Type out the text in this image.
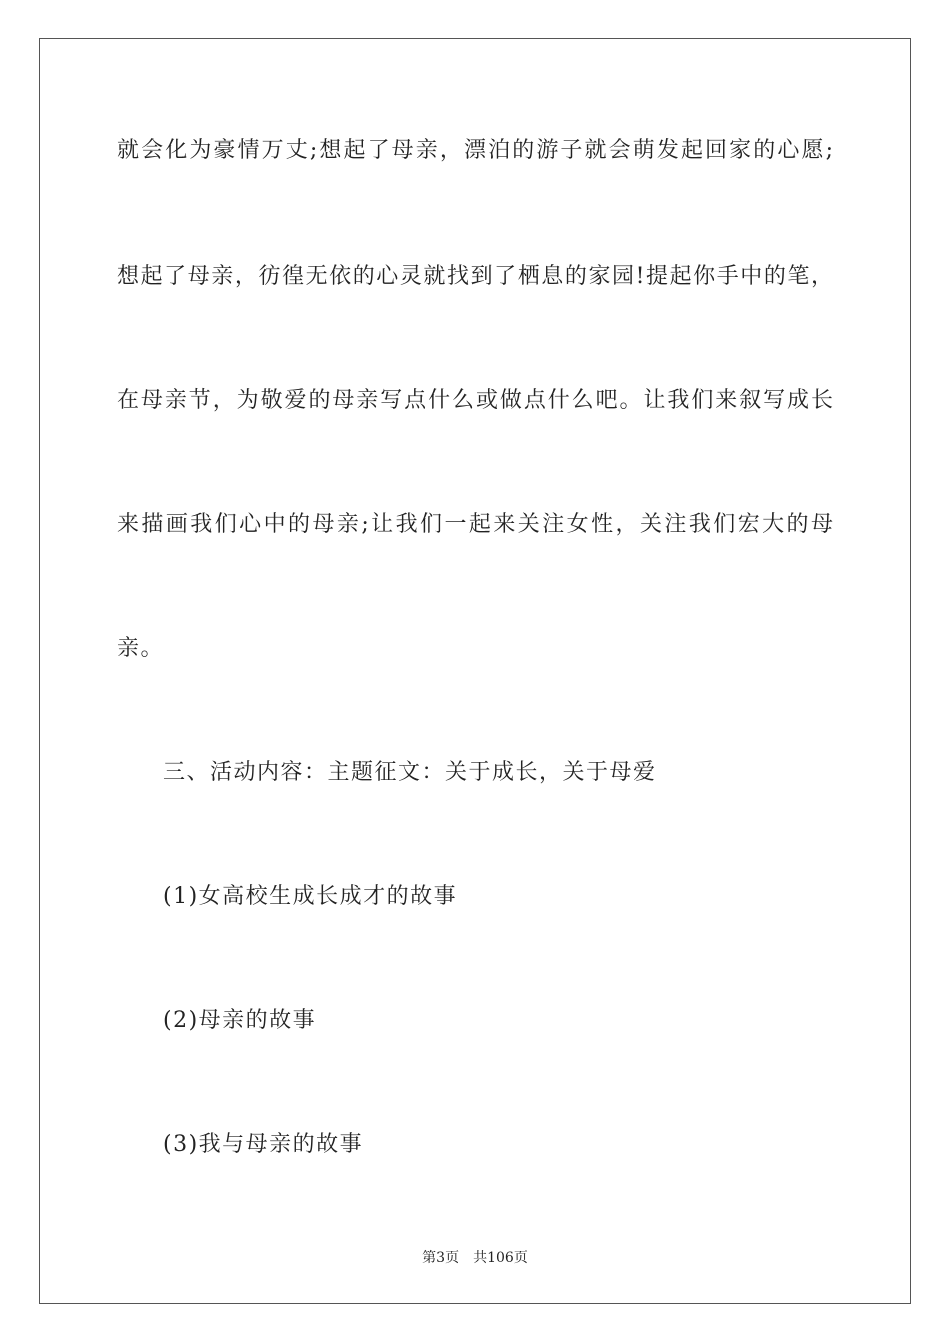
就会化为豪情万丈;想起了母亲，漂泊的游子就会萌发起回家的心愿;
想起了母亲，彷徨无依的心灵就找到了栖息的家园!提起你手中的笔，
在母亲节，为敬爱的母亲写点什么或做点什么吧。让我们来叙写成长
来描画我们心中的母亲;让我们一起来关注女性，关注我们宏大的母
亲。
三、活动内容：主题征文：关于成长，关于母爱
(1)女高校生成长成才的故事
(2)母亲的故事
(3)我与母亲的故事
第3页 共106页
